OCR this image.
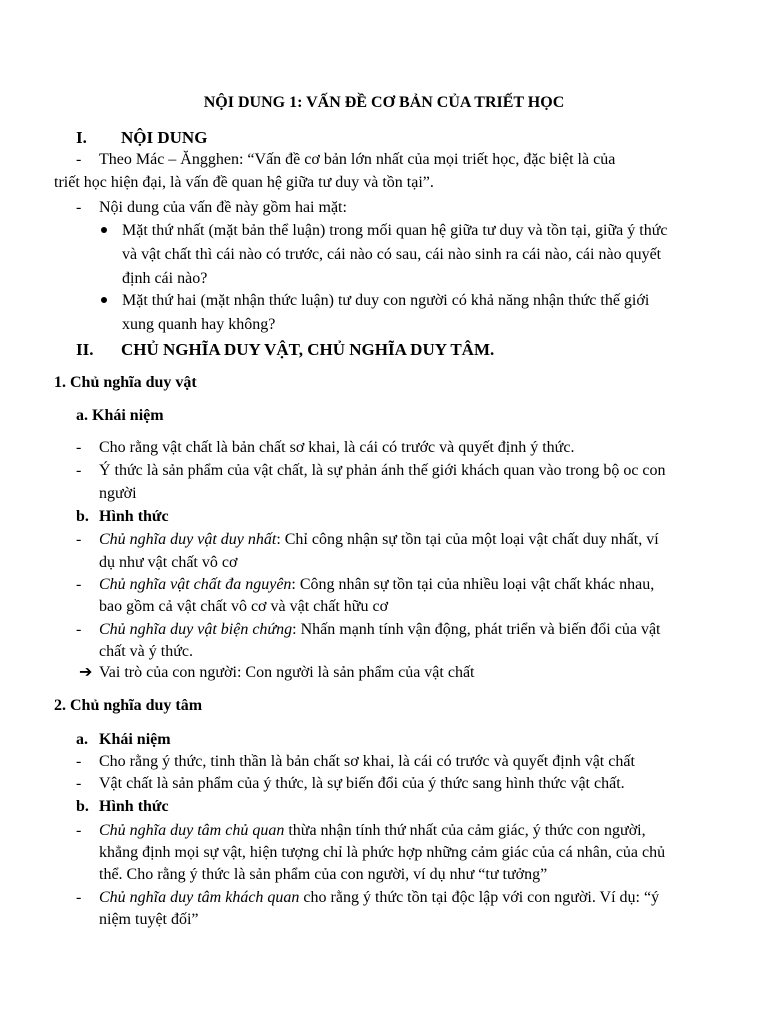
NỘI DUNG 1: VẤN ĐỀ CƠ BẢN CỦA TRIẾT HỌC
I. NỘI DUNG
- Theo Mác – Ăngghen: “Vấn đề cơ bản lớn nhất của mọi triết học, đặc biệt là của
triết học hiện đại, là vấn đề quan hệ giữa tư duy và tồn tại”.
- Nội dung của vấn đề này gồm hai mặt:
Mặt thứ nhất (mặt bản thể luận) trong mối quan hệ giữa tư duy và tồn tại, giữa ý thức
và vật chất thì cái nào có trước, cái nào có sau, cái nào sinh ra cái nào, cái nào quyết
định cái nào?
Mặt thứ hai (mặt nhận thức luận) tư duy con người có khả năng nhận thức thế giới
xung quanh hay không?
II. CHỦ NGHĨA DUY VẬT, CHỦ NGHĨA DUY TÂM.
1. Chủ nghĩa duy vật
a. Khái niệm
- Cho rằng vật chất là bản chất sơ khai, là cái có trước và quyết định ý thức.
- Ý thức là sản phẩm của vật chất, là sự phản ánh thế giới khách quan vào trong bộ oc con
người
b. Hình thức
- Chủ nghĩa duy vật duy nhất: Chỉ công nhận sự tồn tại của một loại vật chất duy nhất, ví
dụ như vật chất vô cơ
- Chủ nghĩa vật chất đa nguyên: Công nhân sự tồn tại của nhiều loại vật chất khác nhau,
bao gồm cả vật chất vô cơ và vật chất hữu cơ
- Chủ nghĩa duy vật biện chứng: Nhấn mạnh tính vận động, phát triển và biến đổi của vật
chất và ý thức.
➔ Vai trò của con người: Con người là sản phẩm của vật chất
2. Chủ nghĩa duy tâm
a. Khái niệm
- Cho rằng ý thức, tinh thần là bản chất sơ khai, là cái có trước và quyết định vật chất
- Vật chất là sản phẩm của ý thức, là sự biến đổi của ý thức sang hình thức vật chất.
b. Hình thức
- Chủ nghĩa duy tâm chủ quan thừa nhận tính thứ nhất của cảm giác, ý thức con người,
khẳng định mọi sự vật, hiện tượng chỉ là phức hợp những cảm giác của cá nhân, của chủ
thể. Cho rằng ý thức là sản phẩm của con người, ví dụ như “tư tưởng”
- Chủ nghĩa duy tâm khách quan cho rằng ý thức tồn tại độc lập với con người. Ví dụ: “ý
niệm tuyệt đối”
